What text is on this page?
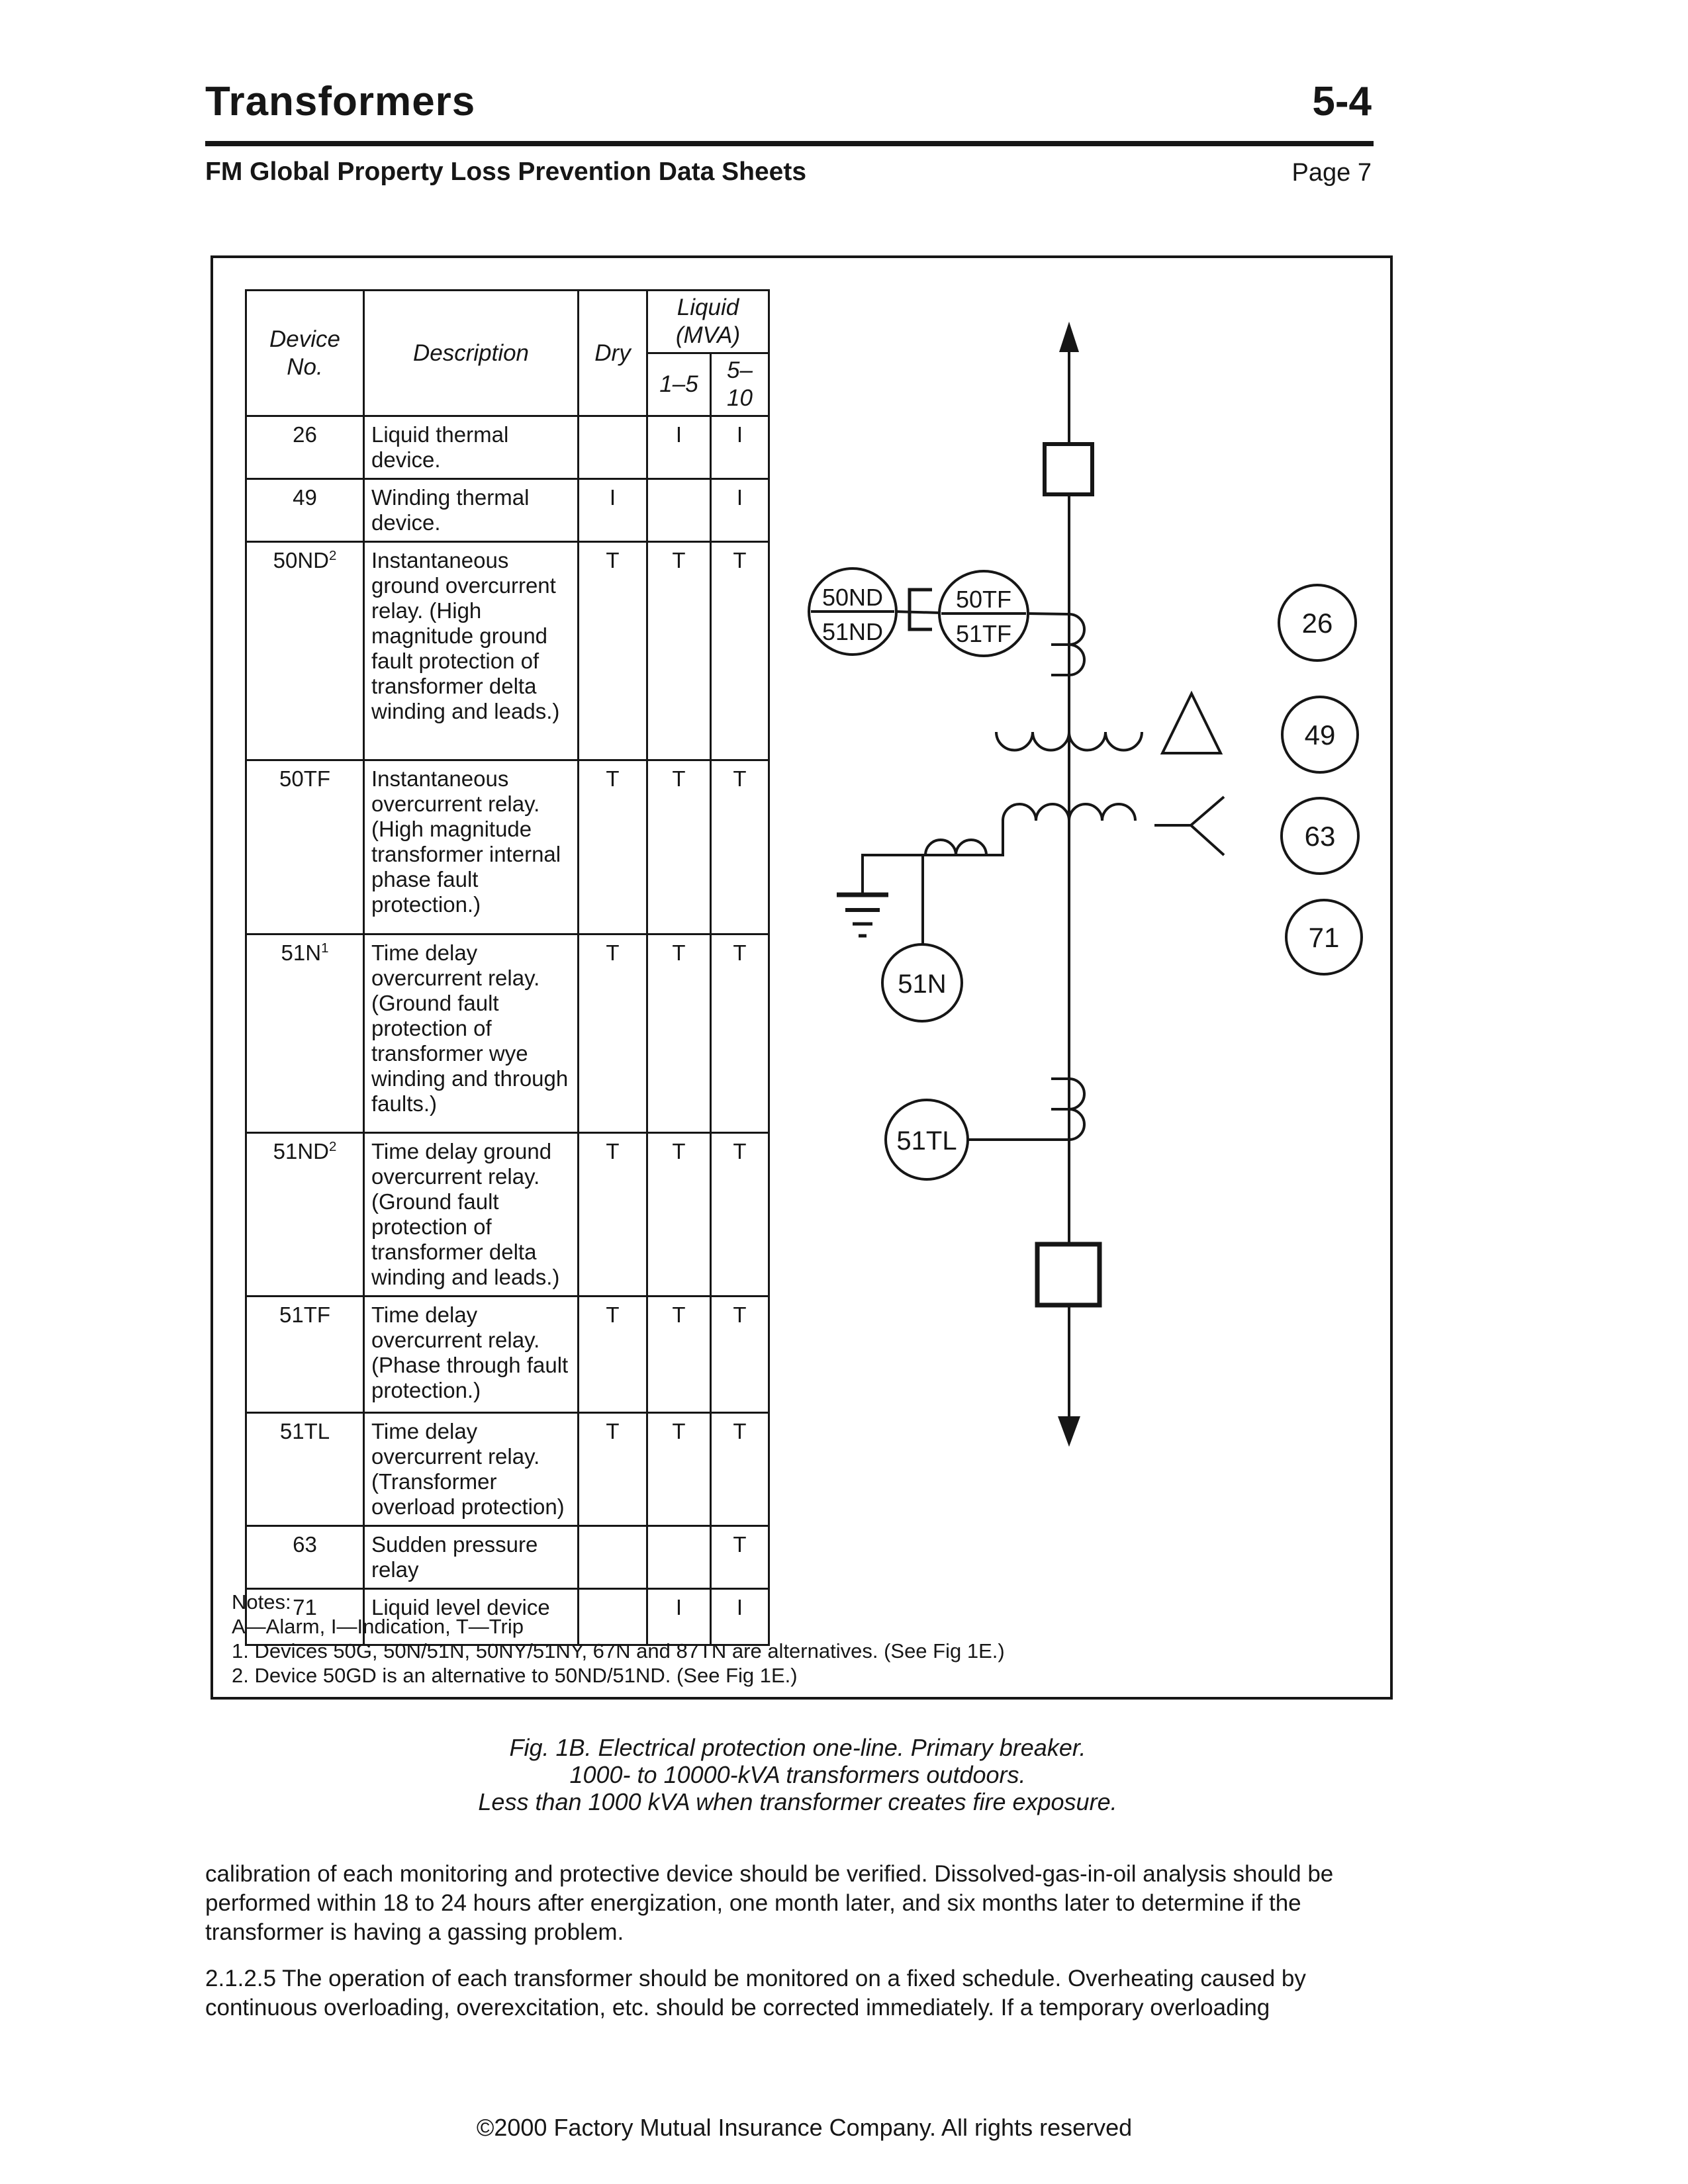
Transformers	5-4
FM Global Property Loss Prevention Data Sheets	Page 7
Device No.	Description	Dry	Liquid (MVA)	

			1–5	5–10
26	Liquid thermal device.		I	I
49	Winding thermal device.	I		I
$50ND^2$	Instantaneous ground overcurrent relay. (High magnitude ground fault protection of transformer delta winding and leads.)	T	T	T
50TF	Instantaneous overcurrent relay. (High magnitude transformer internal phase fault protection.)	T	T	T
$51N^1$	Time delay overcurrent relay. (Ground fault protection of transformer wye winding and through faults.)	T	T	T
$51ND^2$	Time delay ground overcurrent relay. (Ground fault protection of transformer delta winding and leads.)	T	T	T
51TF	Time delay overcurrent relay. (Phase through fault protection.)	T	T	T
51TL	Time delay overcurrent relay. (Transformer overload protection)	T	T	T
63	Sudden pressure relay			T
71	Liquid level device		I	I
Notes:
A—Alarm, I—Indication, T—Trip
1. Devices 50G, 50N/51N, 50NY/51NY, 67N and 87TN are alternatives. (See Fig 1E.)
2. Device 50GD is an alternative to 50ND/51ND. (See Fig 1E.)
50ND
51ND
50TF
51TF
51N
51TL
26
49
63
71
Fig. 1B. Electrical protection one-line. Primary breaker.
1000- to 10000-kVA transformers outdoors.
Less than 1000 kVA when transformer creates fire exposure.

calibration of each monitoring and protective device should be verified. Dissolved-gas-in-oil analysis should be performed within 18 to 24 hours after energization, one month later, and six months later to determine if the transformer is having a gassing problem.

2.1.2.5 The operation of each transformer should be monitored on a fixed schedule. Overheating caused by continuous overloading, overexcitation, etc. should be corrected immediately. If a temporary overloading

©2000 Factory Mutual Insurance Company. All rights reserved
